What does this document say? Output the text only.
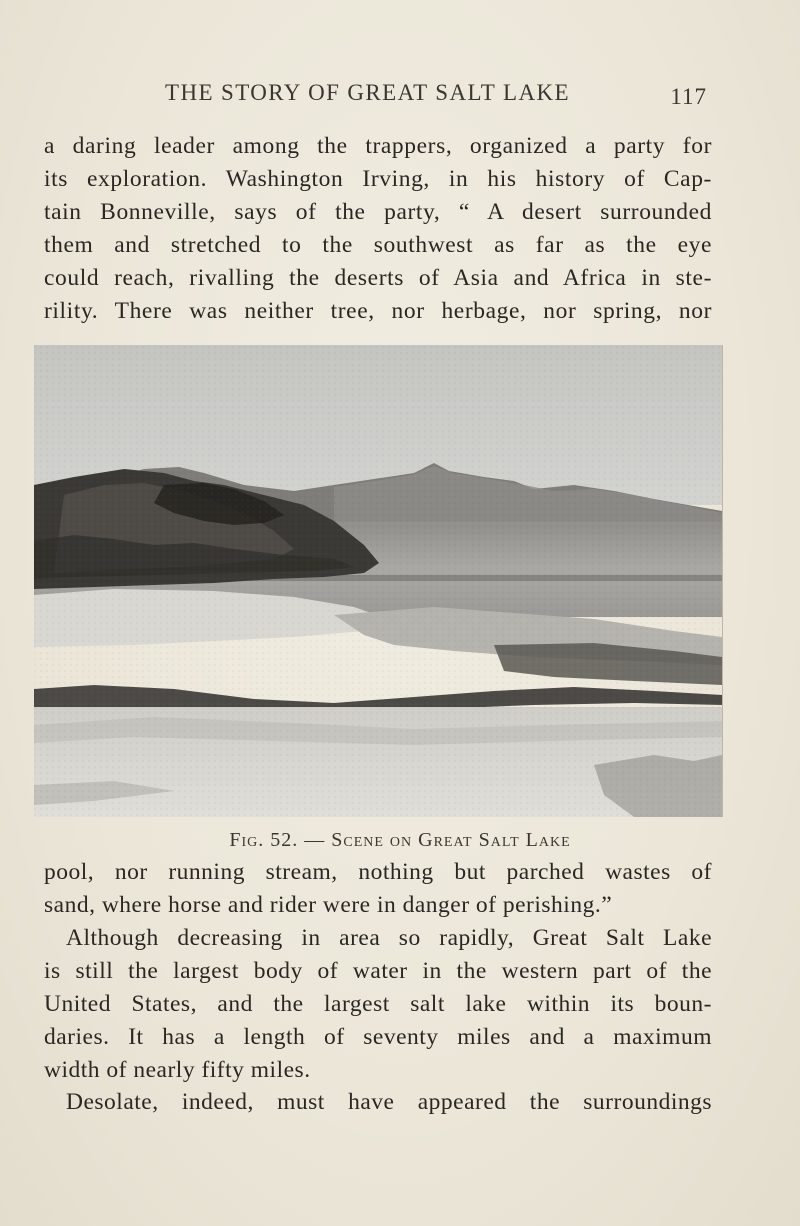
THE STORY OF GREAT SALT LAKE	117

a daring leader among the trappers, organized a party for
its exploration. Washington Irving, in his history of Cap-
tain Bonneville, says of the party, “ A desert surrounded
them and stretched to the southwest as far as the eye
could reach, rivalling the deserts of Asia and Africa in ste-
rility. There was neither tree, nor herbage, nor spring, nor

Fig. 52. — Scene on Great Salt Lake

pool, nor running stream, nothing but parched wastes of
sand, where horse and rider were in danger of perishing.”

Although decreasing in area so rapidly, Great Salt Lake
is still the largest body of water in the western part of the
United States, and the largest salt lake within its boun-
daries. It has a length of seventy miles and a maximum
width of nearly fifty miles.

Desolate, indeed, must have appeared the surroundings
